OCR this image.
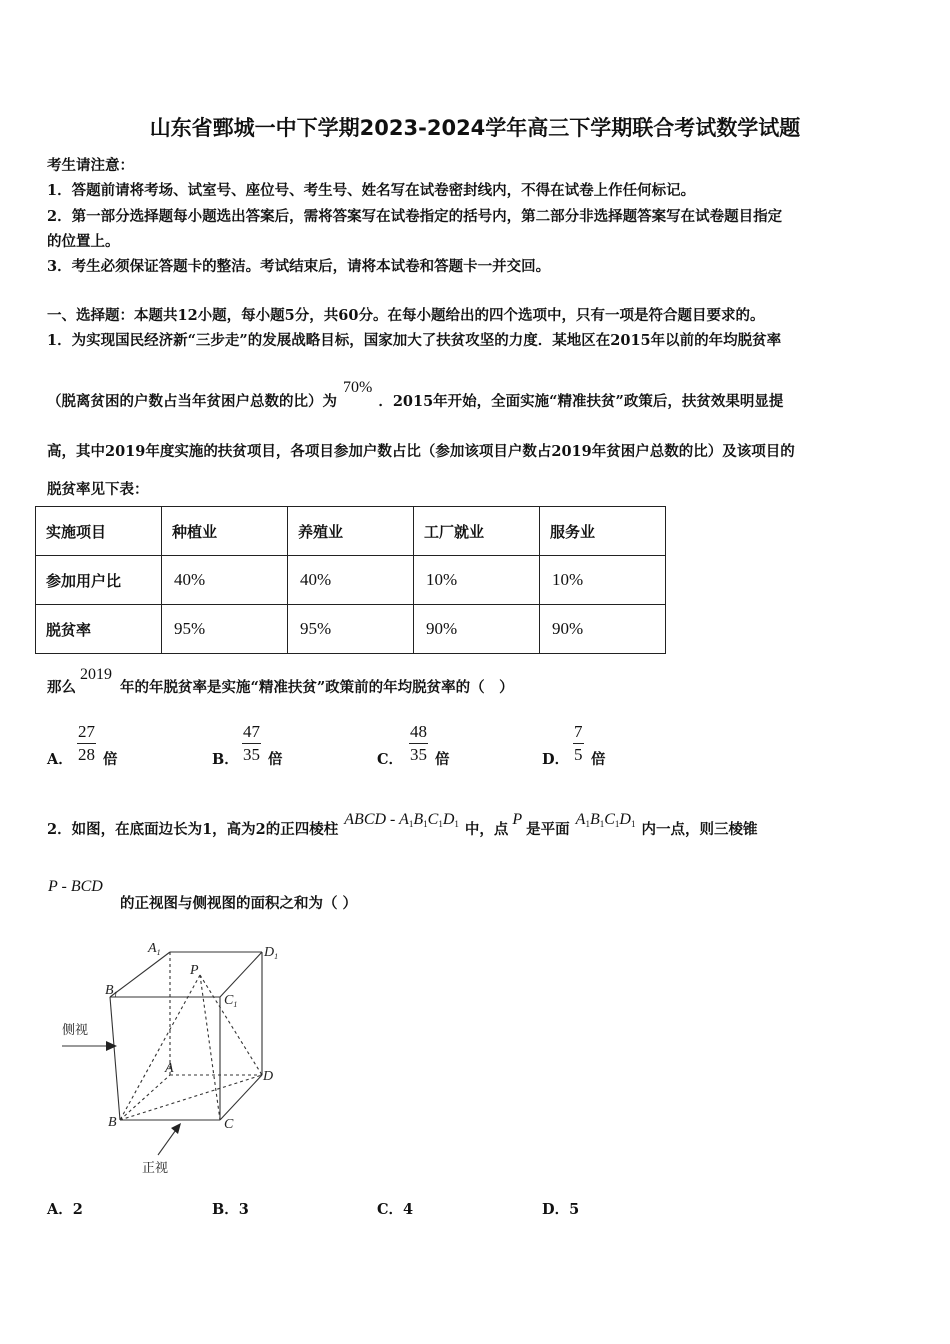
山东省鄄城一中下学期2023-2024学年高三下学期联合考试数学试题
考生请注意：
1．答题前请将考场、试室号、座位号、考生号、姓名写在试卷密封线内，不得在试卷上作任何标记。
2．第一部分选择题每小题选出答案后，需将答案写在试卷指定的括号内，第二部分非选择题答案写在试卷题目指定
的位置上。
3．考生必须保证答题卡的整洁。考试结束后，请将本试卷和答题卡一并交回。
一、选择题：本题共12小题，每小题5分，共60分。在每小题给出的四个选项中，只有一项是符合题目要求的。
1．为实现国民经济新“三步走”的发展战略目标，国家加大了扶贫攻坚的力度．某地区在2015年以前的年均脱贫率
（脱离贫困的户数占当年贫困户总数的比）为70%．2015年开始，全面实施“精准扶贫”政策后，扶贫效果明显提
高，其中2019年度实施的扶贫项目，各项目参加户数占比（参加该项目户数占2019年贫困户总数的比）及该项目的
脱贫率见下表：
实施项目	种植业	养殖业	工厂就业	服务业
参加用户比	40%	40%	10%	10%
脱贫率	95%	95%	90%	90%
那么2019年的年脱贫率是实施“精准扶贫”政策前的年均脱贫率的（　）
A． $\frac{27}{28}$ 倍	B． $\frac{47}{35}$ 倍	C． $\frac{48}{35}$ 倍	D． $\frac{7}{5}$ 倍
2．如图，在底面边长为1，高为2的正四棱柱ABCD - $A_1B_1C_1D_1$ 中，点P是平面$A_1B_1C_1D_1$ 内一点，则三棱锥
P - BCD
的正视图与侧视图的面积之和为（ ）
$A_1$	$D_1$
P
$B_1$	$C_1$
A
D
B	C
侧视
正视
A．2	B．3	C．4	D．5
